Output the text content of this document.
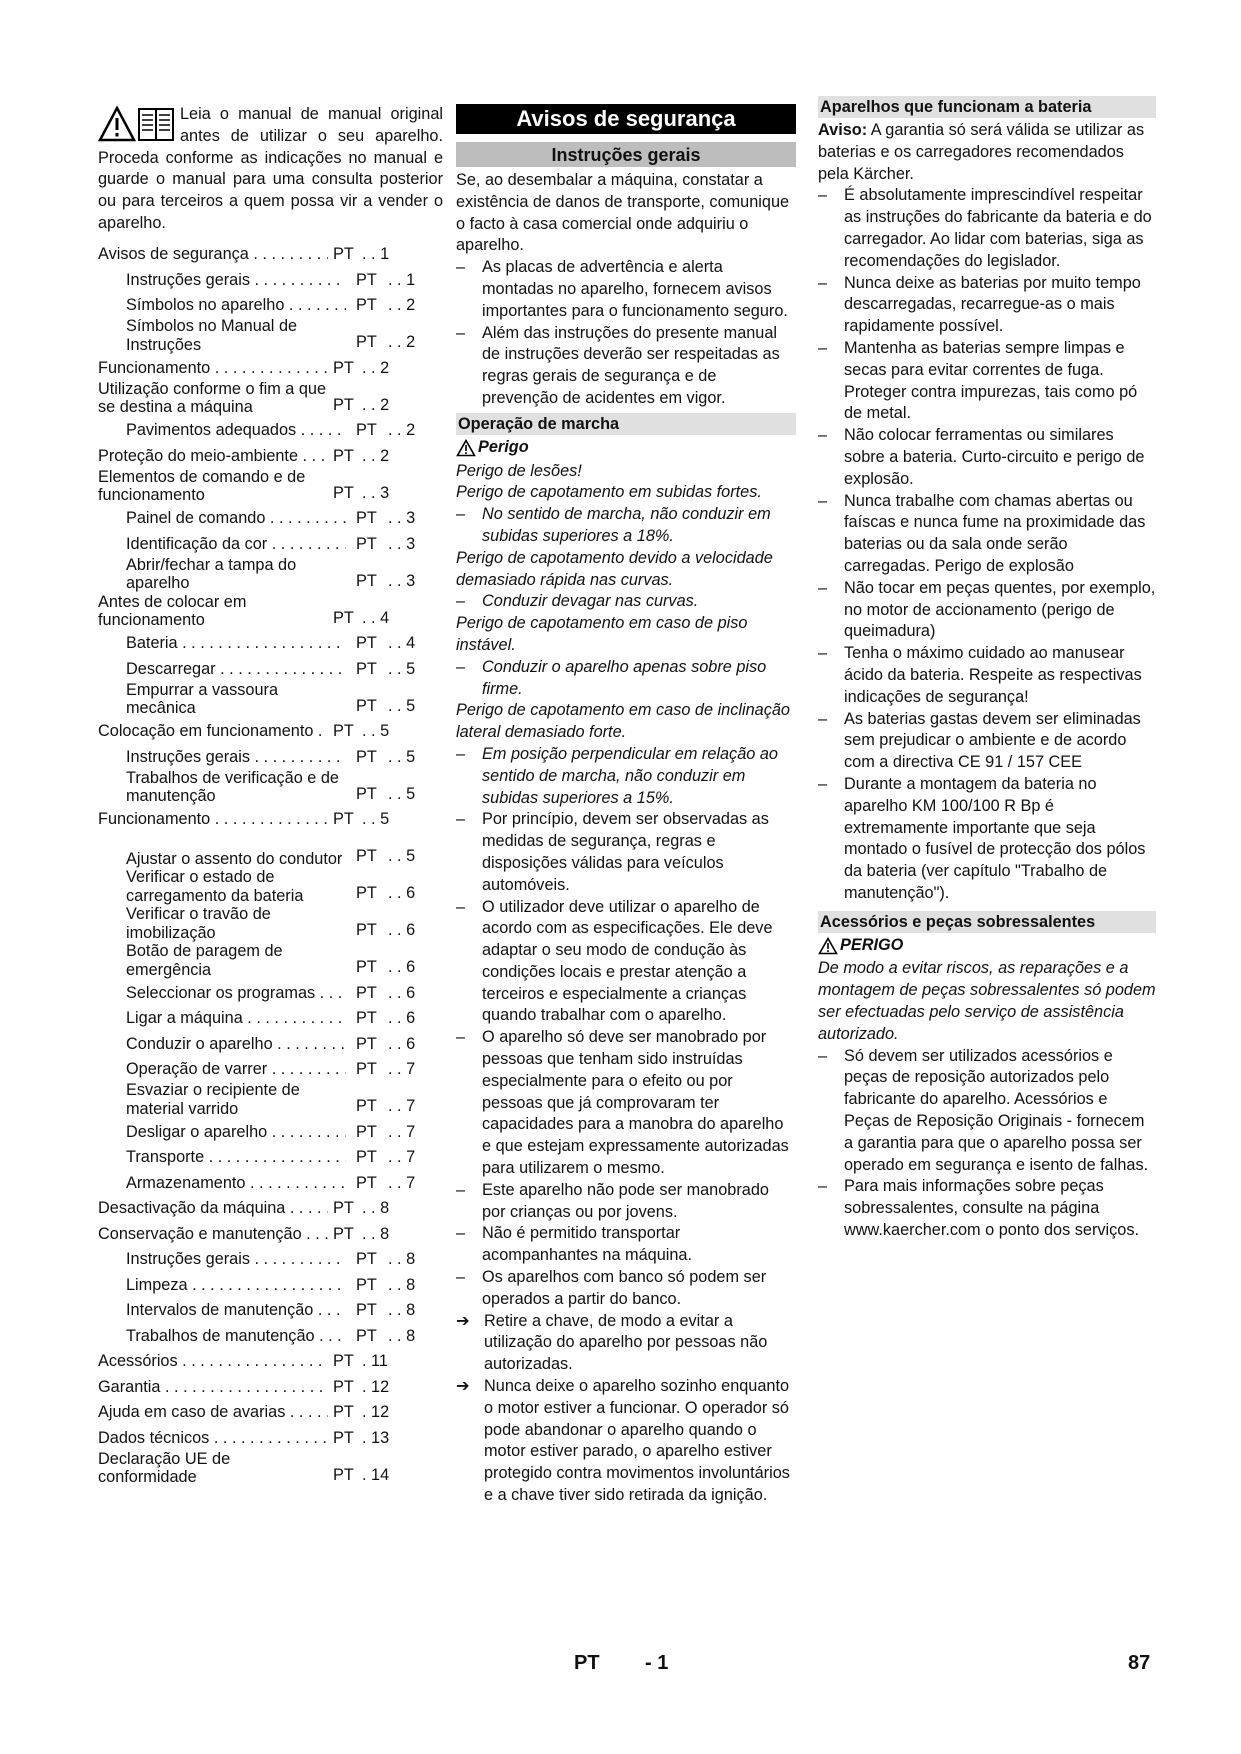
Leia o manual de manual original antes de utilizar o seu aparelho. Proceda conforme as indicações no manual e guarde o manual para uma consulta posterior ou para terceiros a quem possa vir a vender o aparelho.

Avisos de segurança . . .	PT . . 1
Instruções gerais . . .	PT . . 1
Símbolos no aparelho . . .	PT . . 2
Símbolos no Manual de Instruções	PT . . 2
Funcionamento . . .	PT . . 2
Utilização conforme o fim a que se destina a máquina	PT . . 2
Pavimentos adequados . . .	PT . . 2
Proteção do meio-ambiente . . .	PT . . 2
Elementos de comando e de funcionamento	PT . . 3
Painel de comando . . .	PT . . 3
Identificação da cor . . .	PT . . 3
Abrir/fechar a tampa do aparelho	PT . . 3
Antes de colocar em funcionamento	PT . . 4
Bateria . . .	PT . . 4
Descarregar . . .	PT . . 5
Empurrar a vassoura mecânica	PT . . 5
Colocação em funcionamento . . .	PT . . 5
Instruções gerais . . .	PT . . 5
Trabalhos de verificação e de manutenção	PT . . 5
Funcionamento . . .	PT . . 5
Ajustar o assento do condutor PT . . 5
Verificar o estado de carregamento da bateria	PT . . 6
Verificar o travão de imobilização	PT . . 6
Botão de paragem de emergência	PT . . 6
Seleccionar os programas . . .	PT . . 6
Ligar a máquina . . .	PT . . 6
Conduzir o aparelho . . .	PT . . 6
Operação de varrer . . .	PT . . 7
Esvaziar o recipiente de material varrido	PT . . 7
Desligar o aparelho . . .	PT . . 7
Transporte . . .	PT . . 7
Armazenamento . . .	PT . . 7
Desactivação da máquina . . .	PT . . 8
Conservação e manutenção . . .	PT . . 8
Instruções gerais . . .	PT . . 8
Limpeza . . .	PT . . 8
Intervalos de manutenção . . .	PT . . 8
Trabalhos de manutenção . . .	PT . . 8
Acessórios . . .	PT . 11
Garantia . . .	PT . 12
Ajuda em caso de avarias . . .	PT . 12
Dados técnicos . . .	PT . 13
Declaração UE de conformidade	PT . 14
Avisos de segurança
Instruções gerais

Se, ao desembalar a máquina, constatar a existência de danos de transporte, comunique o facto à casa comercial onde adquiriu o aparelho.

– As placas de advertência e alerta montadas no aparelho, fornecem avisos importantes para o funcionamento seguro.

– Além das instruções do presente manual de instruções deverão ser respeitadas as regras gerais de segurança e de prevenção de acidentes em vigor.

Operação de marcha
Perigo

Perigo de lesões!

Perigo de capotamento em subidas fortes.

– No sentido de marcha, não conduzir em subidas superiores a 18%.

Perigo de capotamento devido a velocidade demasiado rápida nas curvas.

– Conduzir devagar nas curvas.

Perigo de capotamento em caso de piso instável.

– Conduzir o aparelho apenas sobre piso firme.

Perigo de capotamento em caso de inclinação lateral demasiado forte.

– Em posição perpendicular em relação ao sentido de marcha, não conduzir em subidas superiores a 15%.

– Por princípio, devem ser observadas as medidas de segurança, regras e disposições válidas para veículos automóveis.

– O utilizador deve utilizar o aparelho de acordo com as especificações. Ele deve adaptar o seu modo de condução às condições locais e prestar atenção a terceiros e especialmente a crianças quando trabalhar com o aparelho.

– O aparelho só deve ser manobrado por pessoas que tenham sido instruídas especialmente para o efeito ou por pessoas que já comprovaram ter capacidades para a manobra do aparelho e que estejam expressamente autorizadas para utilizarem o mesmo.

– Este aparelho não pode ser manobrado por crianças ou por jovens.

– Não é permitido transportar acompanhantes na máquina.

– Os aparelhos com banco só podem ser operados a partir do banco.

➔ Retire a chave, de modo a evitar a utilização do aparelho por pessoas não autorizadas.

➔ Nunca deixe o aparelho sozinho enquanto o motor estiver a funcionar. O operador só pode abandonar o aparelho quando o motor estiver parado, o aparelho estiver protegido contra movimentos involuntários e a chave tiver sido retirada da ignição.

Aparelhos que funcionam a bateria

Aviso: A garantia só será válida se utilizar as baterias e os carregadores recomendados pela Kärcher.

– É absolutamente imprescindível respeitar as instruções do fabricante da bateria e do carregador. Ao lidar com baterias, siga as recomendações do legislador.

– Nunca deixe as baterias por muito tempo descarregadas, recarregue-as o mais rapidamente possível.

– Mantenha as baterias sempre limpas e secas para evitar correntes de fuga. Proteger contra impurezas, tais como pó de metal.

– Não colocar ferramentas ou similares sobre a bateria. Curto-circuito e perigo de explosão.

– Nunca trabalhe com chamas abertas ou faíscas e nunca fume na proximidade das baterias ou da sala onde serão carregadas. Perigo de explosão

– Não tocar em peças quentes, por exemplo, no motor de accionamento (perigo de queimadura)

– Tenha o máximo cuidado ao manusear ácido da bateria. Respeite as respectivas indicações de segurança!

– As baterias gastas devem ser eliminadas sem prejudicar o ambiente e de acordo com a directiva CE 91 / 157 CEE

– Durante a montagem da bateria no aparelho KM 100/100 R Bp é extremamente importante que seja montado o fusível de protecção dos pólos da bateria (ver capítulo "Trabalho de manutenção").

Acessórios e peças sobressalentes
PERIGO

De modo a evitar riscos, as reparações e a montagem de peças sobressalentes só podem ser efectuadas pelo serviço de assistência autorizado.

– Só devem ser utilizados acessórios e peças de reposição autorizados pelo fabricante do aparelho. Acessórios e Peças de Reposição Originais - fornecem a garantia para que o aparelho possa ser operado em segurança e isento de falhas.

– Para mais informações sobre peças sobressalentes, consulte na página www.kaercher.com o ponto dos serviços.

PT - 1	87
